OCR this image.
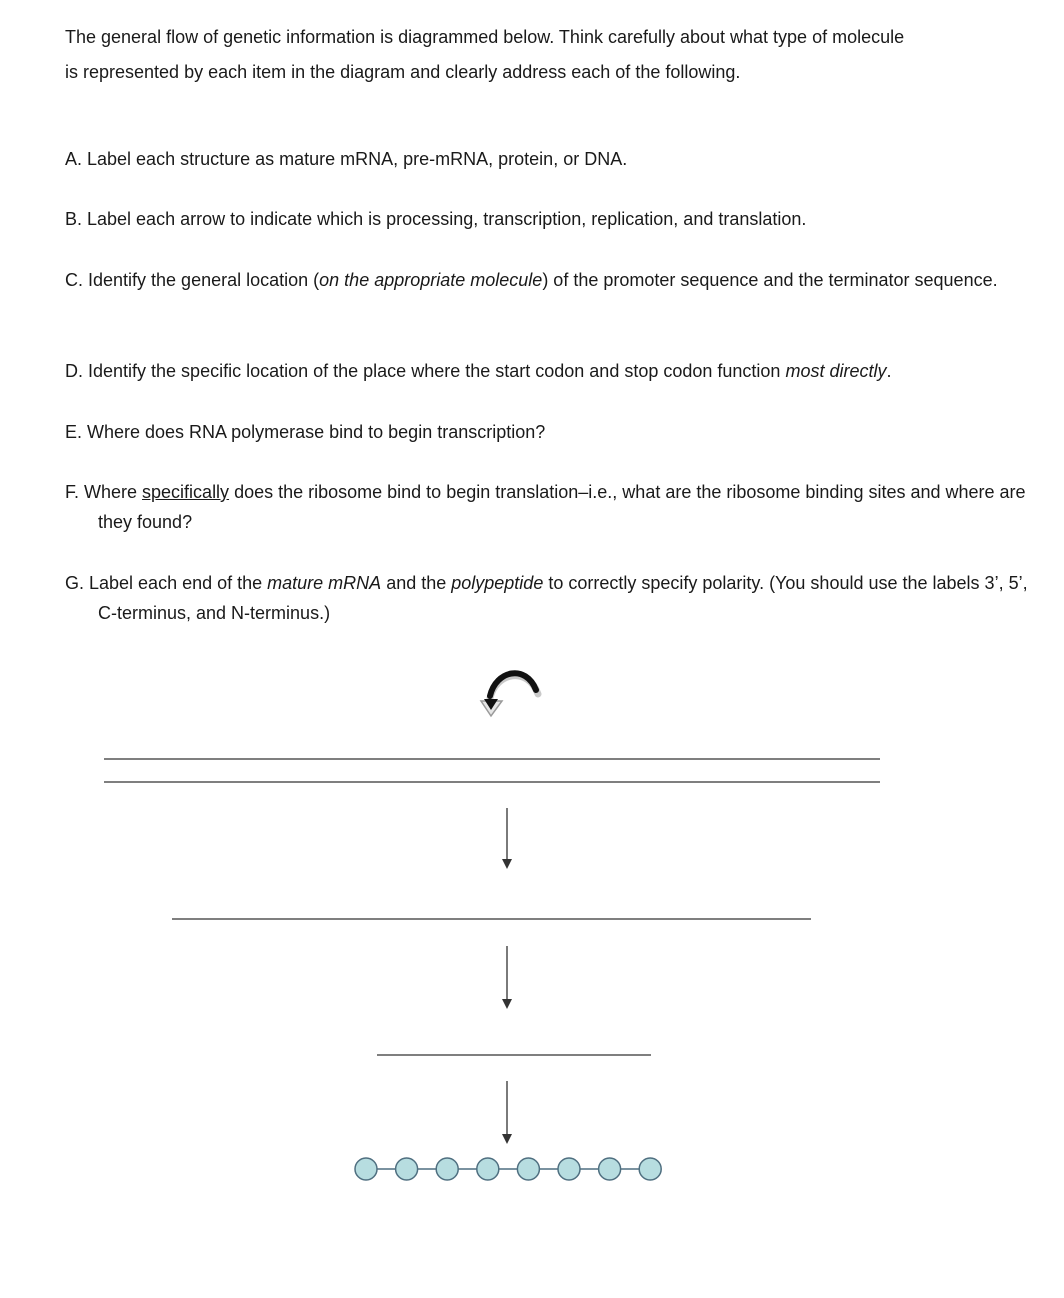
The general flow of genetic information is diagrammed below. Think carefully about what type of molecule
is represented by each item in the diagram and clearly address each of the following.
A. Label each structure as mature mRNA, pre-mRNA, protein, or DNA.
B. Label each arrow to indicate which is processing, transcription, replication, and translation.
C. Identify the general location (on the appropriate molecule) of the promoter sequence and the terminator sequence.
D. Identify the specific location of the place where the start codon and stop codon function most directly.
E. Where does RNA polymerase bind to begin transcription?
F. Where specifically does the ribosome bind to begin translation–i.e., what are the ribosome binding sites and where are they found?
G. Label each end of the mature mRNA and the polypeptide to correctly specify polarity. (You should use the labels 3’, 5’, C-terminus, and N-terminus.)
